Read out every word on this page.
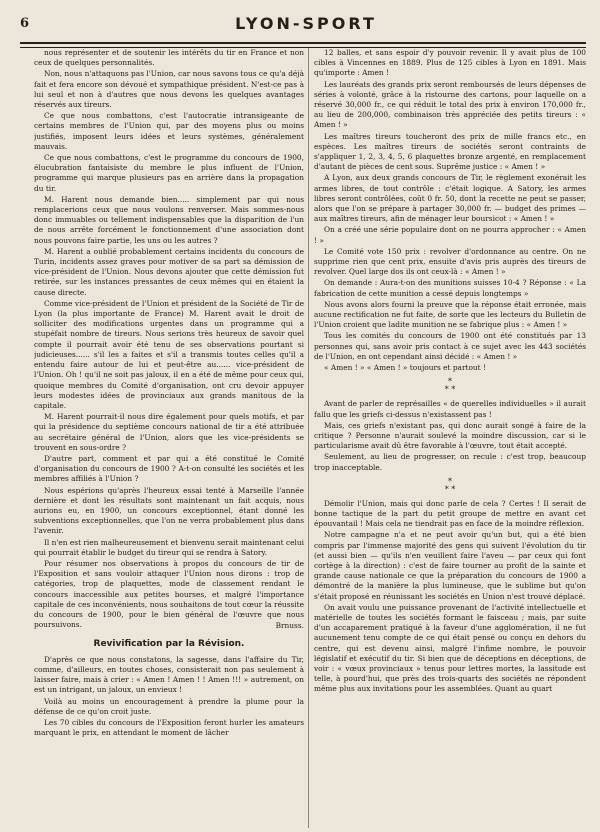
6	LYON-SPORT

nous représenter et de soutenir les intérêts du tir en France et non ceux de quelques personnalités.

Non, nous n'attaquons pas l'Union, car nous savons tous ce qu'a déjà fait et fera encore son dévoué et sympathique président. N'est-ce pas à lui seul et non à d'autres que nous devons les quelques avantages réservés aux tireurs.

Ce que nous combattons, c'est l'autocratie intransigeante de certains membres de l'Union qui, par des moyens plus ou moins justifiés, imposent leurs idées et leurs systèmes, généralement mauvais.

Ce que nous combattons, c'est le programme du concours de 1900, élucubration fantaisiste du membre le plus influent de l'Union, programme qui marque plusieurs pas en arrière dans la propagation du tir.

M. Harent nous demande bien..... simplement par qui nous remplacerions ceux que nous voulons renverser. Mais sommes-nous donc immuables ou tellement indispensables que la disparition de l'un de nous arrête forcément le fonctionnement d'une association dont nous pouvons faire partie, les uns ou les autres ?

M. Harent a oublié probablement certains incidents du concours de Turin, incidents assez graves pour motiver de sa part sa démission de vice-président de l'Union. Nous devons ajouter que cette démission fut retirée, sur les instances pressantes de ceux mêmes qui en étaient la cause directe.

Comme vice-président de l'Union et président de la Société de Tir de Lyon (la plus importante de France) M. Harent avait le droit de solliciter des modifications urgentes dans un programme qui a stupéfait nombre de tireurs. Nous serions très heureux de savoir quel compte il pourrait avoir été tenu de ses observations pourtant si judicieuses...... s'il les a faites et s'il a transmis toutes celles qu'il a entendu faire autour de lui et peut-être au...... vice-président de l'Union. Oh ! qu'il ne soit pas jaloux, il en a été de même pour ceux qui, quoique membres du Comité d'organisation, ont cru devoir appuyer leurs modestes idées de provinciaux aux grands manitous de la capitale.

M. Harent pourrait-il nous dire également pour quels motifs, et par qui la présidence du septième concours national de tir a été attribuée au secrétaire général de l'Union, alors que les vice-présidents se trouvent en sous-ordre ?

D'autre part, comment et par qui a été constitué le Comité d'organisation du concours de 1900 ? A-t-on consulté les sociétés et les membres affiliés à l'Union ?

Nous espérions qu'après l'heureux essai tenté à Marseille l'année dernière et dont les résultats sont maintenant un fait acquis, nous aurions eu, en 1900, un concours exceptionnel, étant donné les subventions exceptionnelles, que l'on ne verra probablement plus dans l'avenir.

Il n'en est rien malheureusement et bienvenu serait maintenant celui qui pourrait établir le budget du tireur qui se rendra à Satory.

Pour résumer nos observations à propos du concours de tir de l'Exposition et sans vouloir attaquer l'Union nous dirons : trop de catégories, trop de plaquettes, mode de classement rendant le concours inaccessible aux petites bourses, et malgré l'importance capitale de ces inconvénients, nous souhaitons de tout cœur la réussite du concours de 1900, pour le bien général de l'œuvre que nous poursuivons.	Brnuss.

Revivification par la Révision.

D'après ce que nous constatons, la sagesse, dans l'affaire du Tir, comme, d'ailleurs, en toutes choses, consisterait non pas seulement à laisser faire, mais à crier : « Amen ! Amen ! ! Amen !!! » autrement, on est un intrigant, un jaloux, un envieux !

Voilà au moins un encouragement à prendre la plume pour la défense de ce qu'on croit juste.

Les 70 cibles du concours de l'Exposition feront hurler les amateurs marquant le prix, en attendant le moment de lâcher

12 balles, et sans espoir d'y pouvoir revenir. Il y avait plus de 100 cibles à Vincennes en 1889. Plus de 125 cibles à Lyon en 1891. Mais qu'importe : Amen !

Les lauréats des grands prix seront remboursés de leurs dépenses de séries à volonté, grâce à la ristourne des cartons, pour laquelle on a réservé 30,000 fr., ce qui réduit le total des prix à environ 170,000 fr., au lieu de 200,000, combinaison très appréciée des petits tireurs : « Amen ! »

Les maîtres tireurs toucheront des prix de mille francs etc., en espèces. Les maîtres tireurs de sociétés seront contraints de s'appliquer 1, 2, 3, 4, 5, 6 plaquettes bronze argenté, en remplacement d'autant de pièces de cent sous. Suprême justice : « Amen ! »

A Lyon, aux deux grands concours de Tir, le règlement exonérait les armes libres, de tout contrôle : c'était logique. A Satory, les armes libres seront contrôlées, coût 0 fr. 50, dont la recette ne peut se passer, alors que l'on se prépare à partager 30,000 fr. — budget des primes — aux maîtres tireurs, afin de ménager leur boursicot : « Amen ! »

On a créé une série populaire dont on ne pourra approcher : « Amen ! »

Le Comité vote 150 prix : revolver d'ordonnance au centre. On ne supprime rien que cent prix, ensuite d'avis pris auprès des tireurs de revolver. Quel large dos ils ont ceux-là : « Amen ! »

On demande : Aura-t-on des munitions suisses 10-4 ? Réponse : « La fabrication de cette munition a cessé depuis longtemps »

Nous avons alors fourni la preuve que la réponse était erronée, mais aucune rectification ne fut faite, de sorte que les lecteurs du Bulletin de l'Union croient que ladite munition ne se fabrique plus : « Amen ! »

Tous les comités du concours de 1900 ont été constitués par 13 personnes qui, sans avoir pris contact à ce sujet avec les 443 sociétés de l'Union, en ont cependant ainsi décidé : « Amen ! »

« Amen ! » « Amen ! » toujours et partout !

*
* *

Avant de parler de représailles « de querelles individuelles » il aurait fallu que les griefs ci-dessus n'existassent pas !

Mais, ces griefs n'existant pas, qui donc aurait songé à faire de la critique ? Personne n'aurait soulevé la moindre discussion, car si le particularisme avait dû être favorable à l'œuvre, tout était accepté.

Seulement, au lieu de progresser, on recule : c'est trop, beaucoup trop inacceptable.

*
* *

Démolir l'Union, mais qui donc parle de cela ? Certes ! Il serait de bonne tactique de la part du petit groupe de mettre en avant cet épouvantail ! Mais cela ne tiendrait pas en face de la moindre réflexion.

Notre campagne n'a et ne peut avoir qu'un but, qui a été bien compris par l'immense majorité des gens qui suivent l'évolution du tir (et aussi bien — qu'ils n'en veuillent faire l'aveu — par ceux qui font cortège à la direction) : c'est de faire tourner au profit de la sainte et grande cause nationale ce que la préparation du concours de 1900 a démontré de la manière la plus lumineuse, que le sublime but qu'on s'était proposé en réunissant les sociétés en Union n'est trouvé déplacé.

On avait voulu une puissance provenant de l'activité intellectuelle et matérielle de toutes les sociétés formant le faisceau ; mais, par suite d'un accaparement pratiqué à la faveur d'une agglomération, il ne fut aucunement tenu compte de ce qui était pensé ou conçu en dehors du centre, qui est devenu ainsi, malgré l'infime nombre, le pouvoir législatif et exécutif du tir. Si bien que de déceptions en déceptions, de voir : « vœux provinciaux » tenus pour lettres mortes, la lassitude est telle, à pourd'hui, que près des trois-quarts des sociétés ne répondent même plus aux invitations pour les assemblées. Quant au quart
